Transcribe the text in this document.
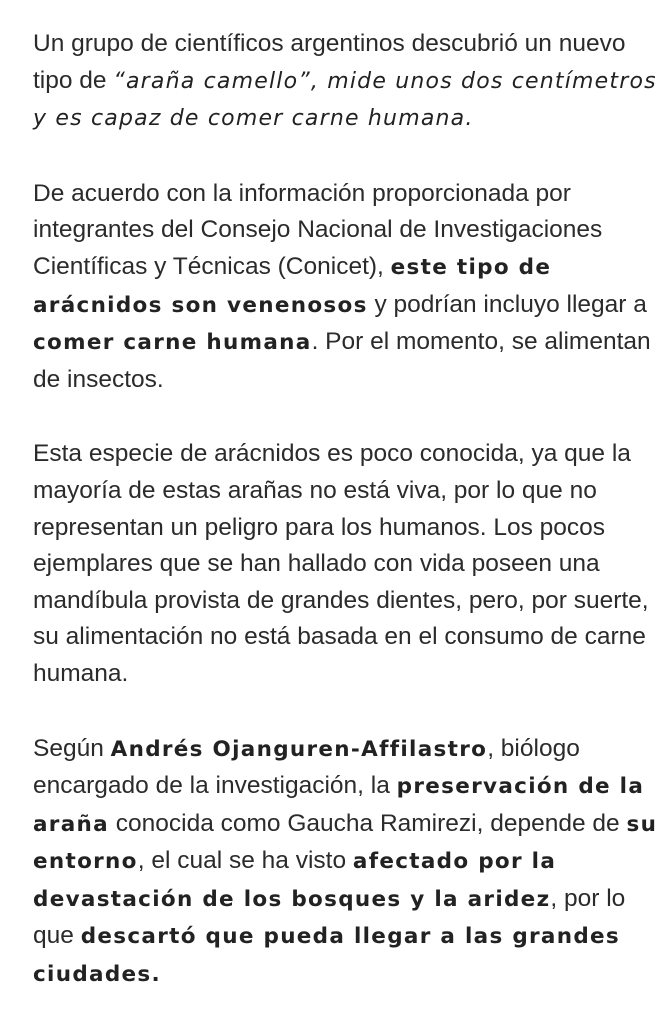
Un grupo de científicos argentinos descubrió un nuevo tipo de “araña camello”, mide unos dos centímetros y es capaz de comer carne humana.

De acuerdo con la información proporcionada por integrantes del Consejo Nacional de Investigaciones Científicas y Técnicas (Conicet), este tipo de arácnidos son venenosos y podrían incluyo llegar a comer carne humana. Por el momento, se alimentan de insectos.

Esta especie de arácnidos es poco conocida, ya que la mayoría de estas arañas no está viva, por lo que no representan un peligro para los humanos. Los pocos ejemplares que se han hallado con vida poseen una mandíbula provista de grandes dientes, pero, por suerte, su alimentación no está basada en el consumo de carne humana.

Según Andrés Ojanguren-Affilastro, biólogo encargado de la investigación, la preservación de la araña conocida como Gaucha Ramirezi, depende de su entorno, el cual se ha visto afectado por la devastación de los bosques y la aridez, por lo que descartó que pueda llegar a las grandes ciudades.
